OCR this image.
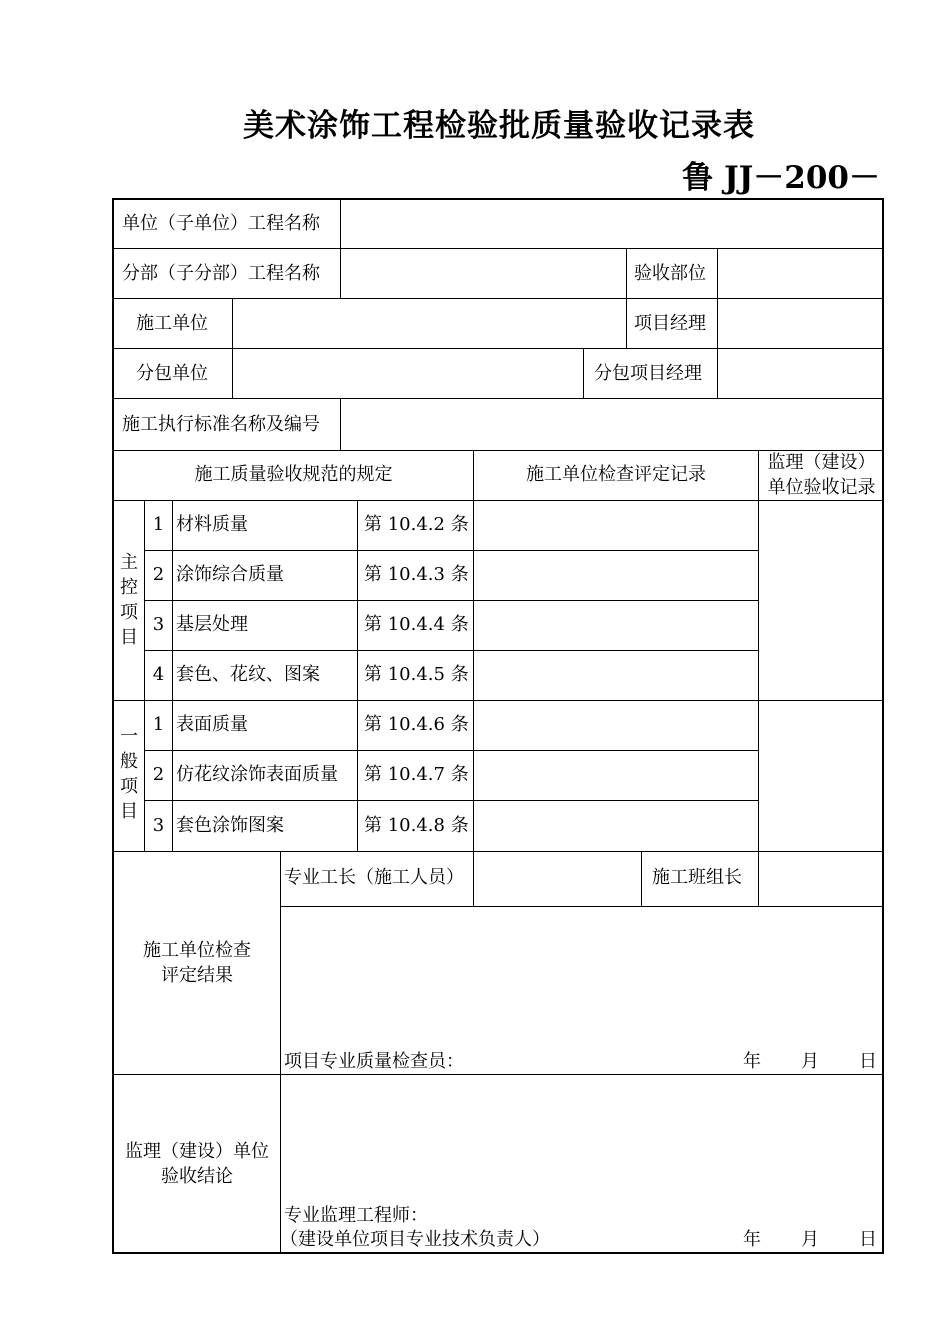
美术涂饰工程检验批质量验收记录表
鲁 JJ－200－
单位（子单位）工程名称
分部（子分部）工程名称	验收部位
施工单位	项目经理
分包单位	分包项目经理
施工执行标准名称及编号
施工质量验收规范的规定	施工单位检查评定记录
监理（建设）
单位验收记录
主
控
项
目
1 材料质量	第 10.4.2 条
2 涂饰综合质量	第 10.4.3 条
3 基层处理	第 10.4.4 条
4 套色、花纹、图案 第 10.4.5 条
一
般
项
目
1 表面质量	第 10.4.6 条
2 仿花纹涂饰表面质量 第 10.4.7 条
3 套色涂饰图案	第 10.4.8 条
专业工长（施工人员）	施工班组长
施工单位检查
评定结果
项目专业质量检查员：	年 月 日
监理（建设）单位
验收结论
专业监理工程师：
（建设单位项目专业技术负责人）	年 月 日
